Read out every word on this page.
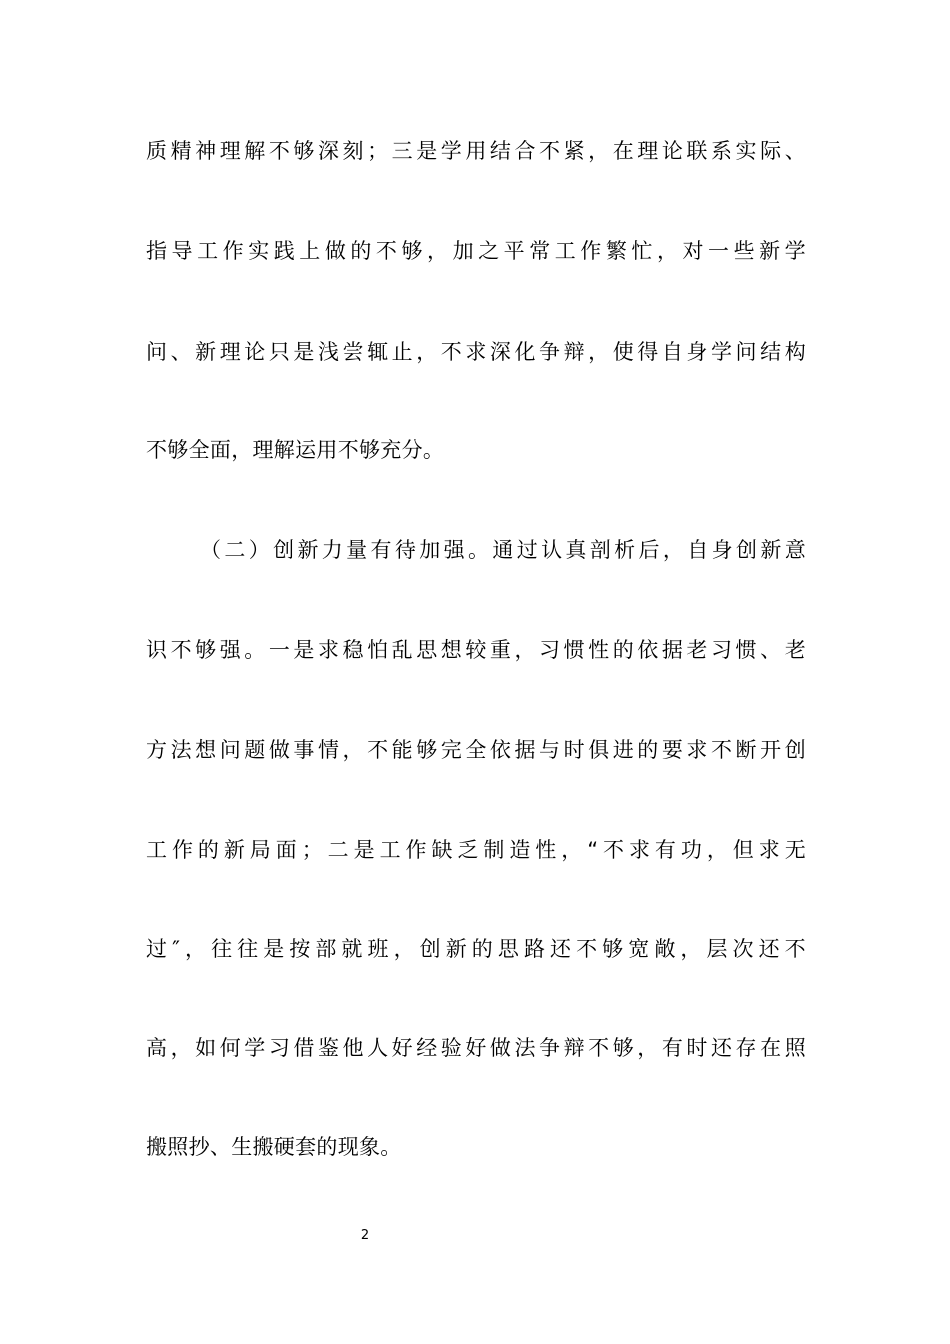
质精神理解不够深刻；三是学用结合不紧，在理论联系实际、
指导工作实践上做的不够，加之平常工作繁忙，对一些新学
问、新理论只是浅尝辄止，不求深化争辩，使得自身学问结构
不够全面，理解运用不够充分。
（二）创新力量有待加强。通过认真剖析后，自身创新意
识不够强。一是求稳怕乱思想较重，习惯性的依据老习惯、老
方法想问题做事情，不能够完全依据与时俱进的要求不断开创
工作的新局面；二是工作缺乏制造性，“不求有功，但求无
过″，往往是按部就班，创新的思路还不够宽敞，层次还不
高，如何学习借鉴他人好经验好做法争辩不够，有时还存在照
搬照抄、生搬硬套的现象。
2
